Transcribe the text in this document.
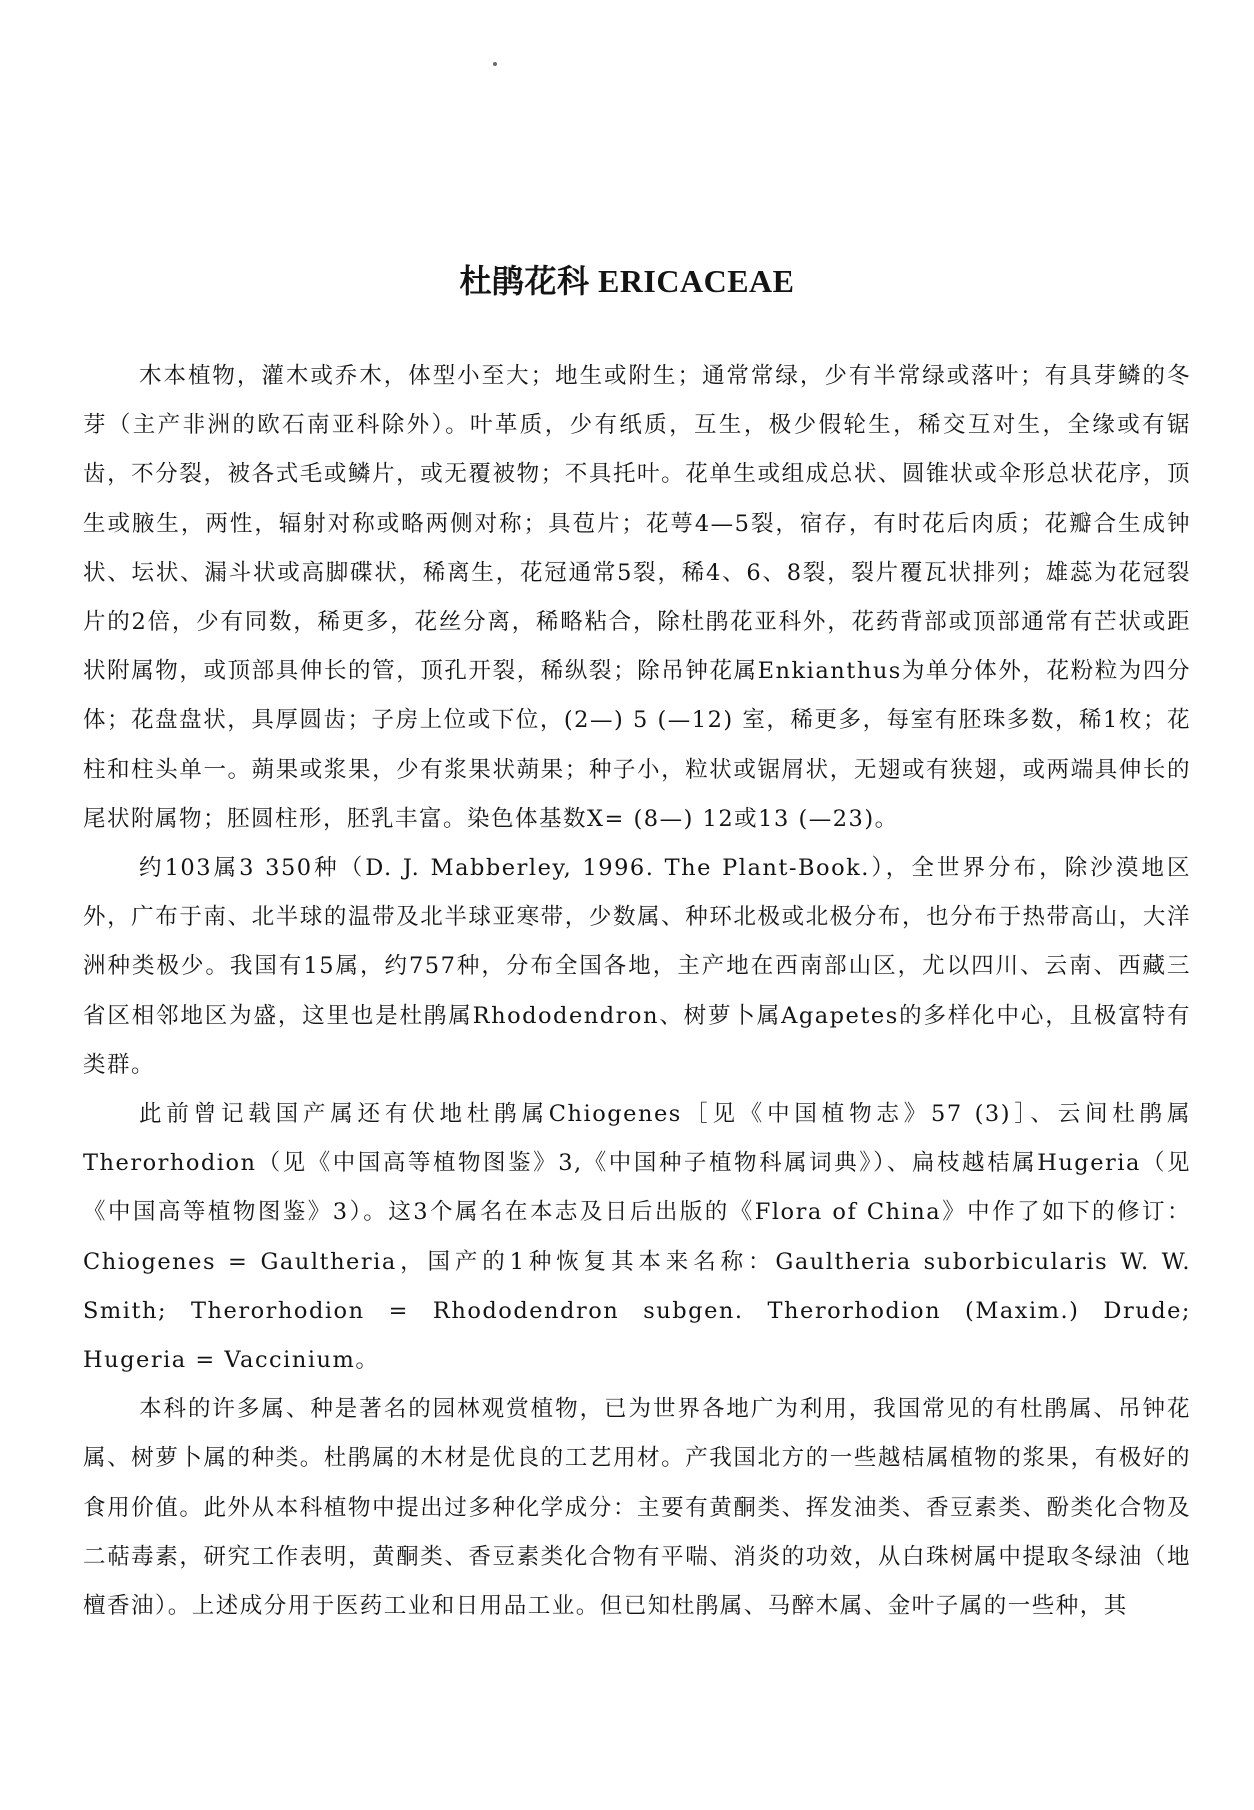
杜鹃花科 ERICACEAE

木本植物，灌木或乔木，体型小至大；地生或附生；通常常绿，少有半常绿或落叶；有具芽鳞的冬芽（主产非洲的欧石南亚科除外）。叶革质，少有纸质，互生，极少假轮生，稀交互对生，全缘或有锯齿，不分裂，被各式毛或鳞片，或无覆被物；不具托叶。花单生或组成总状、圆锥状或伞形总状花序，顶生或腋生，两性，辐射对称或略两侧对称；具苞片；花萼4—5裂，宿存，有时花后肉质；花瓣合生成钟状、坛状、漏斗状或高脚碟状，稀离生，花冠通常5裂，稀4、6、8裂，裂片覆瓦状排列；雄蕊为花冠裂片的2倍，少有同数，稀更多，花丝分离，稀略粘合，除杜鹃花亚科外，花药背部或顶部通常有芒状或距状附属物，或顶部具伸长的管，顶孔开裂，稀纵裂；除吊钟花属Enkianthus为单分体外，花粉粒为四分体；花盘盘状，具厚圆齿；子房上位或下位，(2—) 5 (—12) 室，稀更多，每室有胚珠多数，稀1枚；花柱和柱头单一。蒴果或浆果，少有浆果状蒴果；种子小，粒状或锯屑状，无翅或有狭翅，或两端具伸长的尾状附属物；胚圆柱形，胚乳丰富。染色体基数X= (8—) 12或13 (—23)。

约103属3 350种（D. J. Mabberley, 1996. The Plant-Book.），全世界分布，除沙漠地区外，广布于南、北半球的温带及北半球亚寒带，少数属、种环北极或北极分布，也分布于热带高山，大洋洲种类极少。我国有15属，约757种，分布全国各地，主产地在西南部山区，尤以四川、云南、西藏三省区相邻地区为盛，这里也是杜鹃属Rhododendron、树萝卜属Agapetes的多样化中心，且极富特有类群。

此前曾记载国产属还有伏地杜鹃属Chiogenes［见《中国植物志》57 (3)］、云间杜鹃属Therorhodion（见《中国高等植物图鉴》3,《中国种子植物科属词典》）、扁枝越桔属Hugeria（见《中国高等植物图鉴》3）。这3个属名在本志及日后出版的《Flora of China》中作了如下的修订：Chiogenes = Gaultheria，国产的1种恢复其本来名称：Gaultheria suborbicularis W. W. Smith; Therorhodion = Rhododendron subgen. Therorhodion (Maxim.) Drude; Hugeria = Vaccinium。

本科的许多属、种是著名的园林观赏植物，已为世界各地广为利用，我国常见的有杜鹃属、吊钟花属、树萝卜属的种类。杜鹃属的木材是优良的工艺用材。产我国北方的一些越桔属植物的浆果，有极好的食用价值。此外从本科植物中提出过多种化学成分：主要有黄酮类、挥发油类、香豆素类、酚类化合物及二萜毒素，研究工作表明，黄酮类、香豆素类化合物有平喘、消炎的功效，从白珠树属中提取冬绿油（地檀香油）。上述成分用于医药工业和日用品工业。但已知杜鹃属、马醉木属、金叶子属的一些种，其
